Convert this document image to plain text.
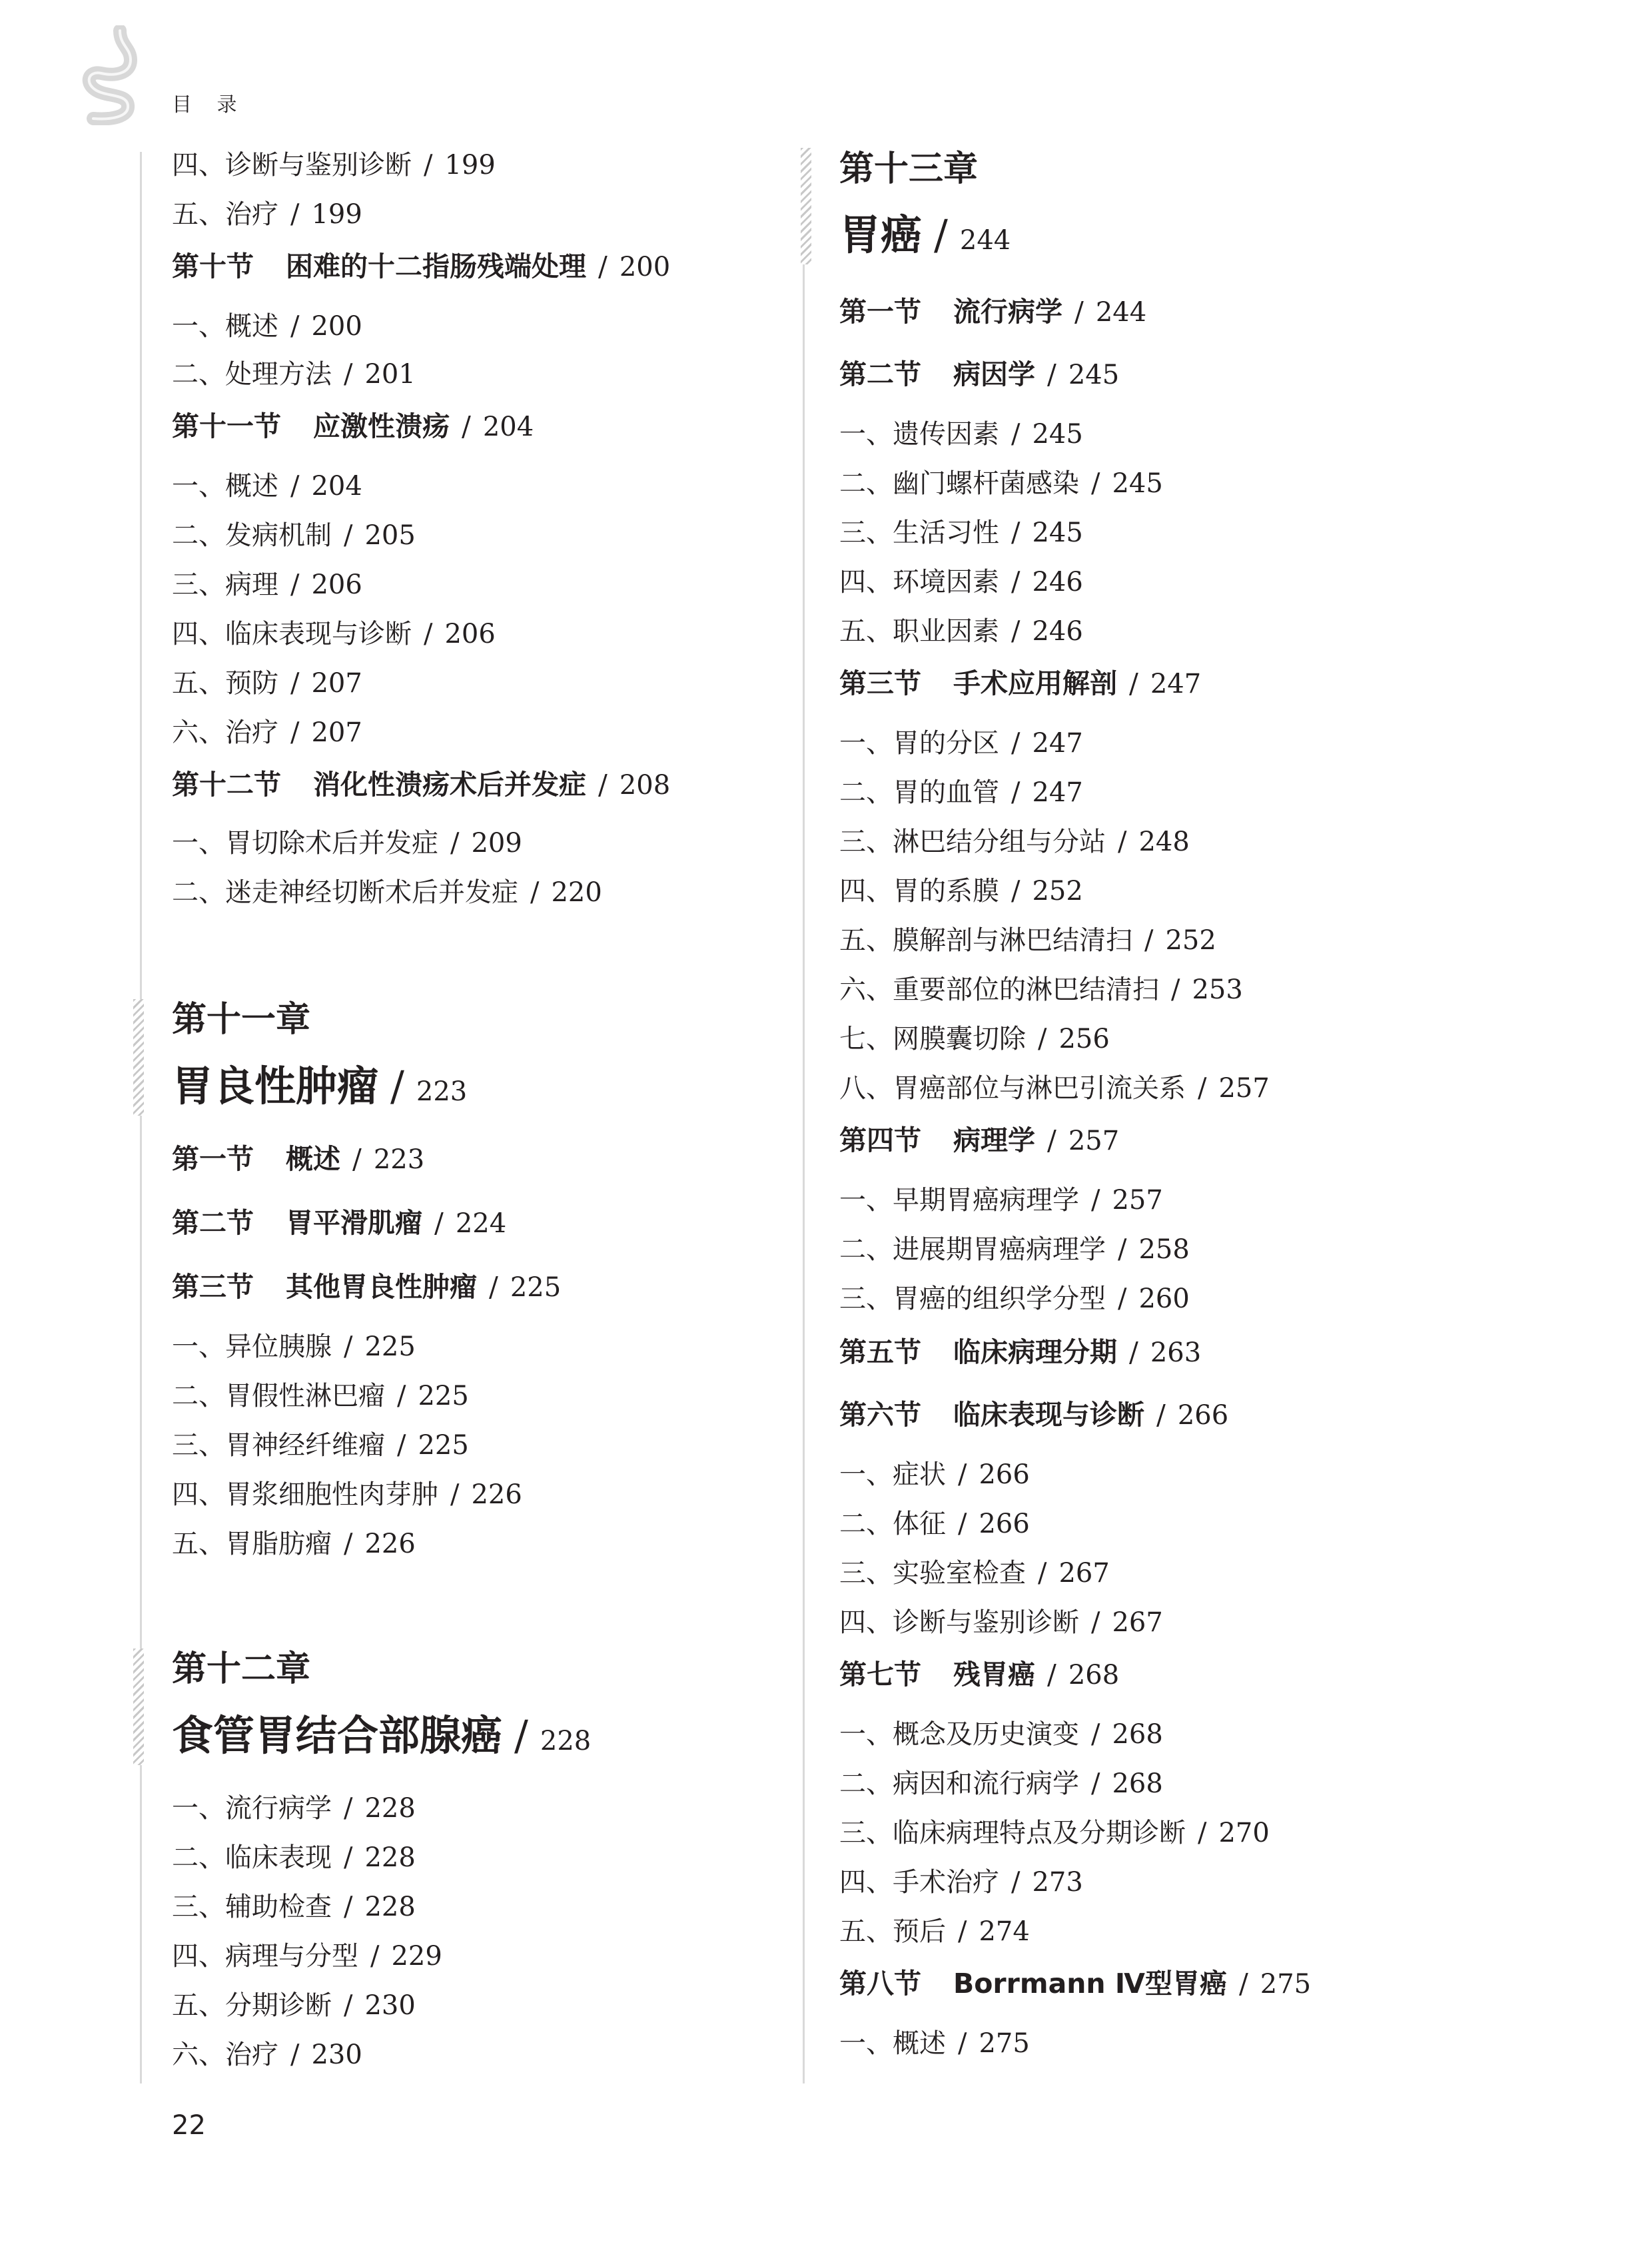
目 录
四、诊断与鉴别诊断 / 199
五、治疗 / 199
第十节 困难的十二指肠残端处理 / 200
一、概述 / 200
二、处理方法 / 201
第十一节 应激性溃疡 / 204
一、概述 / 204
二、发病机制 / 205
三、病理 / 206
四、临床表现与诊断 / 206
五、预防 / 207
六、治疗 / 207
第十二节 消化性溃疡术后并发症 / 208
一、胃切除术后并发症 / 209
二、迷走神经切断术后并发症 / 220
第十一章
胃良性肿瘤 / 223
第一节 概述 / 223
第二节 胃平滑肌瘤 / 224
第三节 其他胃良性肿瘤 / 225
一、异位胰腺 / 225
二、胃假性淋巴瘤 / 225
三、胃神经纤维瘤 / 225
四、胃浆细胞性肉芽肿 / 226
五、胃脂肪瘤 / 226
第十二章
食管胃结合部腺癌 / 228
一、流行病学 / 228
二、临床表现 / 228
三、辅助检查 / 228
四、病理与分型 / 229
五、分期诊断 / 230
六、治疗 / 230
第十三章
胃癌 / 244
第一节 流行病学 / 244
第二节 病因学 / 245
一、遗传因素 / 245
二、幽门螺杆菌感染 / 245
三、生活习性 / 245
四、环境因素 / 246
五、职业因素 / 246
第三节 手术应用解剖 / 247
一、胃的分区 / 247
二、胃的血管 / 247
三、淋巴结分组与分站 / 248
四、胃的系膜 / 252
五、膜解剖与淋巴结清扫 / 252
六、重要部位的淋巴结清扫 / 253
七、网膜囊切除 / 256
八、胃癌部位与淋巴引流关系 / 257
第四节 病理学 / 257
一、早期胃癌病理学 / 257
二、进展期胃癌病理学 / 258
三、胃癌的组织学分型 / 260
第五节 临床病理分期 / 263
第六节 临床表现与诊断 / 266
一、症状 / 266
二、体征 / 266
三、实验室检查 / 267
四、诊断与鉴别诊断 / 267
第七节 残胃癌 / 268
一、概念及历史演变 / 268
二、病因和流行病学 / 268
三、临床病理特点及分期诊断 / 270
四、手术治疗 / 273
五、预后 / 274
第八节 Borrmann Ⅳ型胃癌 / 275
一、概述 / 275
22
